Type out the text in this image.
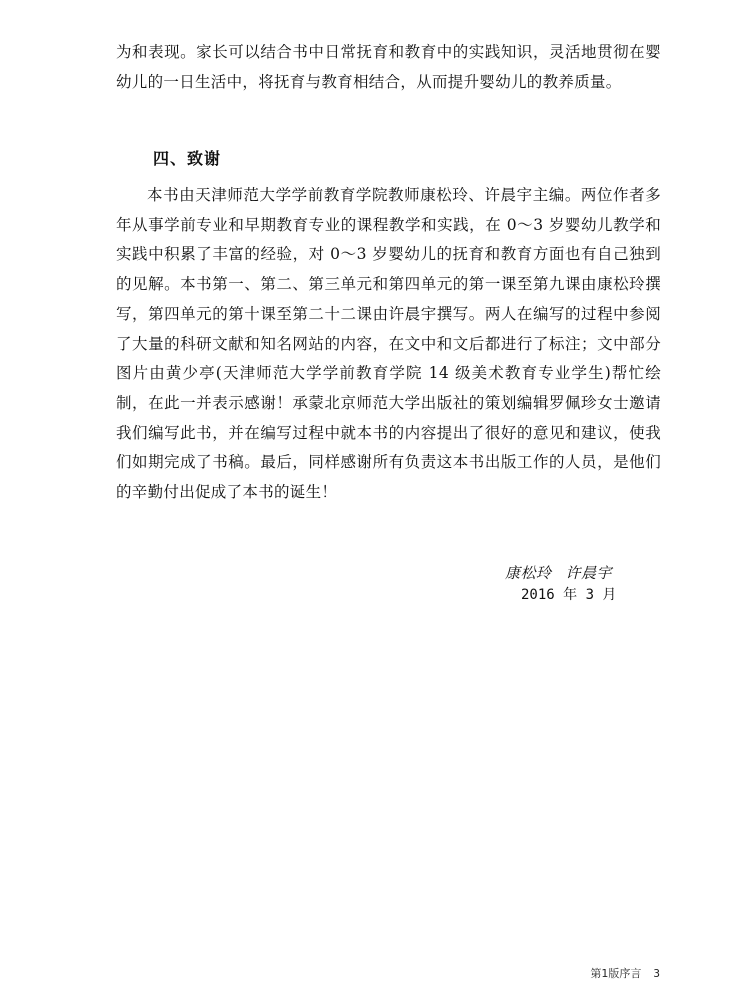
为和表现。家长可以结合书中日常抚育和教育中的实践知识，灵活地贯彻在婴幼儿的一日生活中，将抚育与教育相结合，从而提升婴幼儿的教养质量。

四、致谢

本书由天津师范大学学前教育学院教师康松玲、许晨宇主编。两位作者多年从事学前专业和早期教育专业的课程教学和实践，在 0～3 岁婴幼儿教学和实践中积累了丰富的经验，对 0～3 岁婴幼儿的抚育和教育方面也有自己独到的见解。本书第一、第二、第三单元和第四单元的第一课至第九课由康松玲撰写，第四单元的第十课至第二十二课由许晨宇撰写。两人在编写的过程中参阅了大量的科研文献和知名网站的内容，在文中和文后都进行了标注；文中部分图片由黄少亭(天津师范大学学前教育学院 14 级美术教育专业学生)帮忙绘制，在此一并表示感谢！承蒙北京师范大学出版社的策划编辑罗佩珍女士邀请我们编写此书，并在编写过程中就本书的内容提出了很好的意见和建议，使我们如期完成了书稿。最后，同样感谢所有负责这本书出版工作的人员，是他们的辛勤付出促成了本书的诞生！

康松玲 许晨宇
2016 年 3 月
第1版序言 3
